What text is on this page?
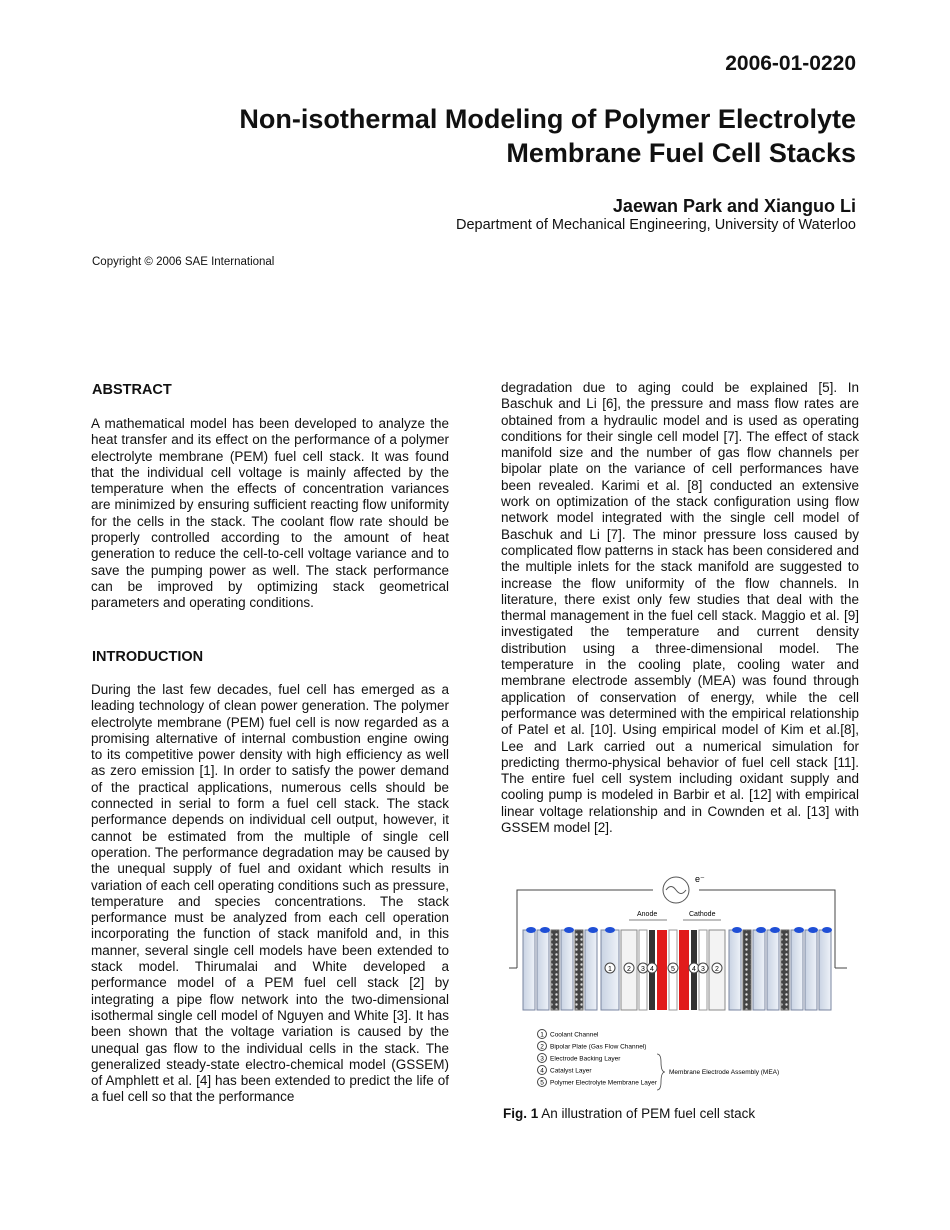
2006-01-0220
Non-isothermal Modeling of Polymer Electrolyte
Membrane Fuel Cell Stacks
Jaewan Park and Xianguo Li
Department of Mechanical Engineering, University of Waterloo
Copyright © 2006 SAE International
ABSTRACT

A mathematical model has been developed to analyze the heat transfer and its effect on the performance of a polymer electrolyte membrane (PEM) fuel cell stack. It was found that the individual cell voltage is mainly affected by the temperature when the effects of concentration variances are minimized by ensuring sufficient reacting flow uniformity for the cells in the stack. The coolant flow rate should be properly controlled according to the amount of heat generation to reduce the cell-to-cell voltage variance and to save the pumping power as well. The stack performance can be improved by optimizing stack geometrical parameters and operating conditions.

INTRODUCTION

During the last few decades, fuel cell has emerged as a leading technology of clean power generation. The polymer electrolyte membrane (PEM) fuel cell is now regarded as a promising alternative of internal combustion engine owing to its competitive power density with high efficiency as well as zero emission [1]. In order to satisfy the power demand of the practical applications, numerous cells should be connected in serial to form a fuel cell stack. The stack performance depends on individual cell output, however, it cannot be estimated from the multiple of single cell operation. The performance degradation may be caused by the unequal supply of fuel and oxidant which results in variation of each cell operating conditions such as pressure, temperature and species concentrations. The stack performance must be analyzed from each cell operation incorporating the function of stack manifold and, in this manner, several single cell models have been extended to stack model. Thirumalai and White developed a performance model of a PEM fuel cell stack [2] by integrating a pipe flow network into the two-dimensional isothermal single cell model of Nguyen and White [3]. It has been shown that the voltage variation is caused by the unequal gas flow to the individual cells in the stack. The generalized steady-state electro-chemical model (GSSEM) of Amphlett et al. [4] has been extended to predict the life of a fuel cell so that the performance

degradation due to aging could be explained [5]. In Baschuk and Li [6], the pressure and mass flow rates are obtained from a hydraulic model and is used as operating conditions for their single cell model [7]. The effect of stack manifold size and the number of gas flow channels per bipolar plate on the variance of cell performances have been revealed. Karimi et al. [8] conducted an extensive work on optimization of the stack configuration using flow network model integrated with the single cell model of Baschuk and Li [7]. The minor pressure loss caused by complicated flow patterns in stack has been considered and the multiple inlets for the stack manifold are suggested to increase the flow uniformity of the flow channels. In literature, there exist only few studies that deal with the thermal management in the fuel cell stack. Maggio et al. [9] investigated the temperature and current density distribution using a three-dimensional model. The temperature in the cooling plate, cooling water and membrane electrode assembly (MEA) was found through application of conservation of energy, while the cell performance was determined with the empirical relationship of Patel et al. [10]. Using empirical model of Kim et al.[8], Lee and Lark carried out a numerical simulation for predicting thermo-physical behavior of fuel cell stack [11]. The entire fuel cell system including oxidant supply and cooling pump is modeled in Barbir et al. [12] with empirical linear voltage relationship and in Cownden et al. [13] with GSSEM model [2].

e⁻
Anode	Cathode
1 2 3 4 5 4 3 2
1 Coolant Channel
2 Bipolar Plate (Gas Flow Channel)
3 Electrode Backing Layer
4 Catalyst Layer
5 Polymer Electrolyte Membrane Layer
Membrane Electrode Assembly (MEA)
Fig. 1 An illustration of PEM fuel cell stack
